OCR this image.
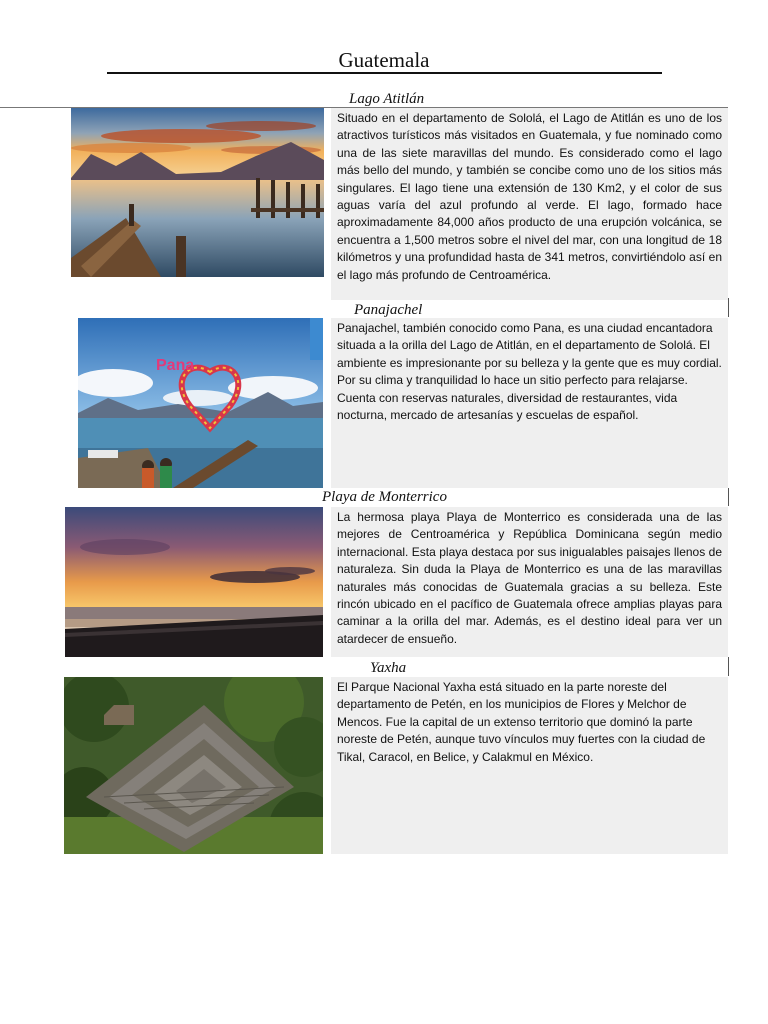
Guatemala
Lago Atitlán

Situado en el departamento de Sololá, el Lago de Atitlán es uno de los atractivos turísticos más visitados en Guatemala, y fue nominado como una de las siete maravillas del mundo. Es considerado como el lago más bello del mundo, y también se concibe como uno de los sitios más singulares. El lago tiene una extensión de 130 Km2, y el color de sus aguas varía del azul profundo al verde. El lago, formado hace aproximadamente 84,000 años producto de una erupción volcánica, se encuentra a 1,500 metros sobre el nivel del mar, con una longitud de 18 kilómetros y una profundidad hasta de 341 metros, convirtiéndolo así en el lago más profundo de Centroamérica.

Panajachel
Pana

Panajachel, también conocido como Pana, es una ciudad encantadora situada a la orilla del Lago de Atitlán, en el departamento de Sololá. El ambiente es impresionante por su belleza y la gente que es muy cordial. Por su clima y tranquilidad lo hace un sitio perfecto para relajarse. Cuenta con reservas naturales, diversidad de restaurantes, vida nocturna, mercado de artesanías y escuelas de español.

Playa de Monterrico

La hermosa playa Playa de Monterrico es considerada una de las mejores de Centroamérica y República Dominicana según medio internacional. Esta playa destaca por sus inigualables paisajes llenos de naturaleza. Sin duda la Playa de Monterrico es una de las maravillas naturales más conocidas de Guatemala gracias a su belleza. Este rincón ubicado en el pacífico de Guatemala ofrece amplias playas para caminar a la orilla del mar. Además, es el destino ideal para ver un atardecer de ensueño.

Yaxha

El Parque Nacional Yaxha está situado en la parte noreste del departamento de Petén, en los municipios de Flores y Melchor de Mencos. Fue la capital de un extenso territorio que dominó la parte noreste de Petén, aunque tuvo vínculos muy fuertes con la ciudad de Tikal, Caracol, en Belice, y Calakmul en México.
